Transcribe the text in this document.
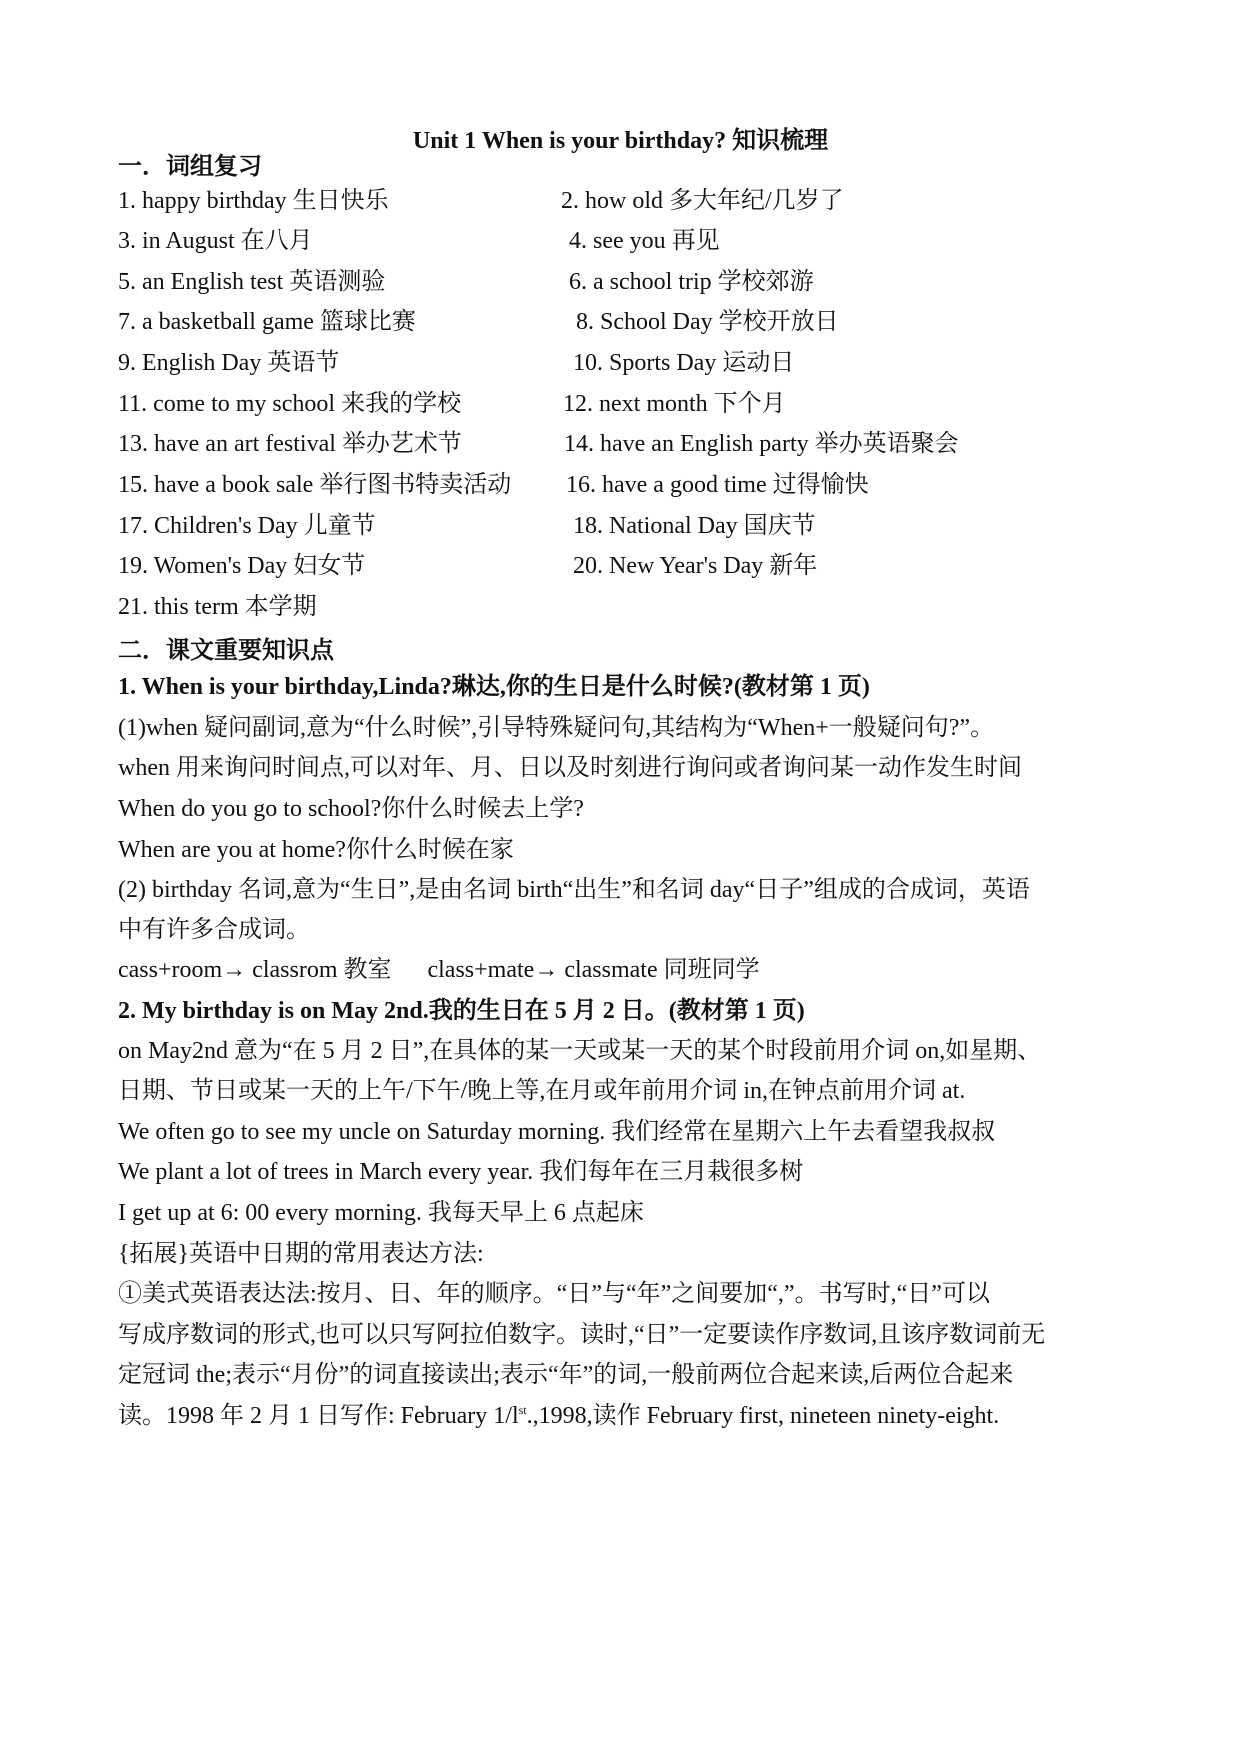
Unit 1 When is your birthday? 知识梳理
一．词组复习
1. happy birthday 生日快乐	2. how old 多大年纪/几岁了
3. in August 在八月	4. see you 再见
5. an English test 英语测验	6. a school trip 学校郊游
7. a basketball game 篮球比赛	8. School Day 学校开放日
9. English Day 英语节	10. Sports Day 运动日
11. come to my school 来我的学校	12. next month 下个月
13. have an art festival 举办艺术节	14. have an English party 举办英语聚会
15. have a book sale 举行图书特卖活动 16. have a good time 过得愉快
17. Children's Day 儿童节	18. National Day 国庆节
19. Women's Day 妇女节	20. New Year's Day 新年
21. this term 本学期
二．课文重要知识点
1. When is your birthday,Linda?琳达,你的生日是什么时候?(教材第 1 页)
(1)when 疑问副词,意为“什么时候”,引导特殊疑问句,其结构为“When+一般疑问句?”。
when 用来询问时间点,可以对年、月、日以及时刻进行询问或者询问某一动作发生时间
When do you go to school?你什么时候去上学?
When are you at home?你什么时候在家
(2) birthday 名词,意为“生日”,是由名词 birth“出生”和名词 day“日子”组成的合成词，英语
中有许多合成词。
cass+room→ classrom 教室      class+mate→ classmate 同班同学
2. My birthday is on May 2nd.我的生日在 5 月 2 日。(教材第 1 页)
on May2nd 意为“在 5 月 2 日”,在具体的某一天或某一天的某个时段前用介词 on,如星期、
日期、节日或某一天的上午/下午/晚上等,在月或年前用介词 in,在钟点前用介词 at.
We often go to see my uncle on Saturday morning. 我们经常在星期六上午去看望我叔叔
We plant a lot of trees in March every year. 我们每年在三月栽很多树
I get up at 6: 00 every morning. 我每天早上 6 点起床
{拓展}英语中日期的常用表达方法:
①美式英语表达法:按月、日、年的顺序。“日”与“年”之间要加“,”。书写时,“日”可以
写成序数词的形式,也可以只写阿拉伯数字。读时,“日”一定要读作序数词,且该序数词前无
定冠词 the;表示“月份”的词直接读出;表示“年”的词,一般前两位合起来读,后两位合起来
读。1998 年 2 月 1 日写作: February $1/l^{st}.,1998$,读作 February first, nineteen ninety-eight.
